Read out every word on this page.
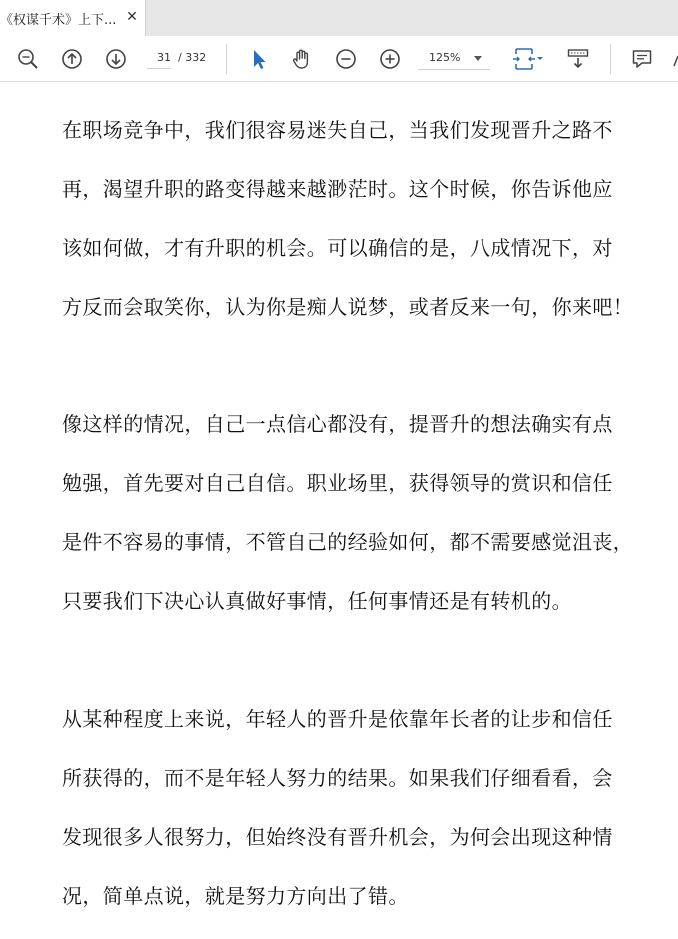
《权谋千术》上下... ✕
31 / 332	125%
在职场竞争中，我们很容易迷失自己，当我们发现晋升之路不
再，渴望升职的路变得越来越渺茫时。这个时候，你告诉他应
该如何做，才有升职的机会。可以确信的是，八成情况下，对
方反而会取笑你，认为你是痴人说梦，或者反来一句，你来吧！
像这样的情况，自己一点信心都没有，提晋升的想法确实有点
勉强，首先要对自己自信。职业场里，获得领导的赏识和信任
是件不容易的事情，不管自己的经验如何，都不需要感觉沮丧，
只要我们下决心认真做好事情，任何事情还是有转机的。
从某种程度上来说，年轻人的晋升是依靠年长者的让步和信任
所获得的，而不是年轻人努力的结果。如果我们仔细看看，会
发现很多人很努力，但始终没有晋升机会，为何会出现这种情
况，简单点说，就是努力方向出了错。
